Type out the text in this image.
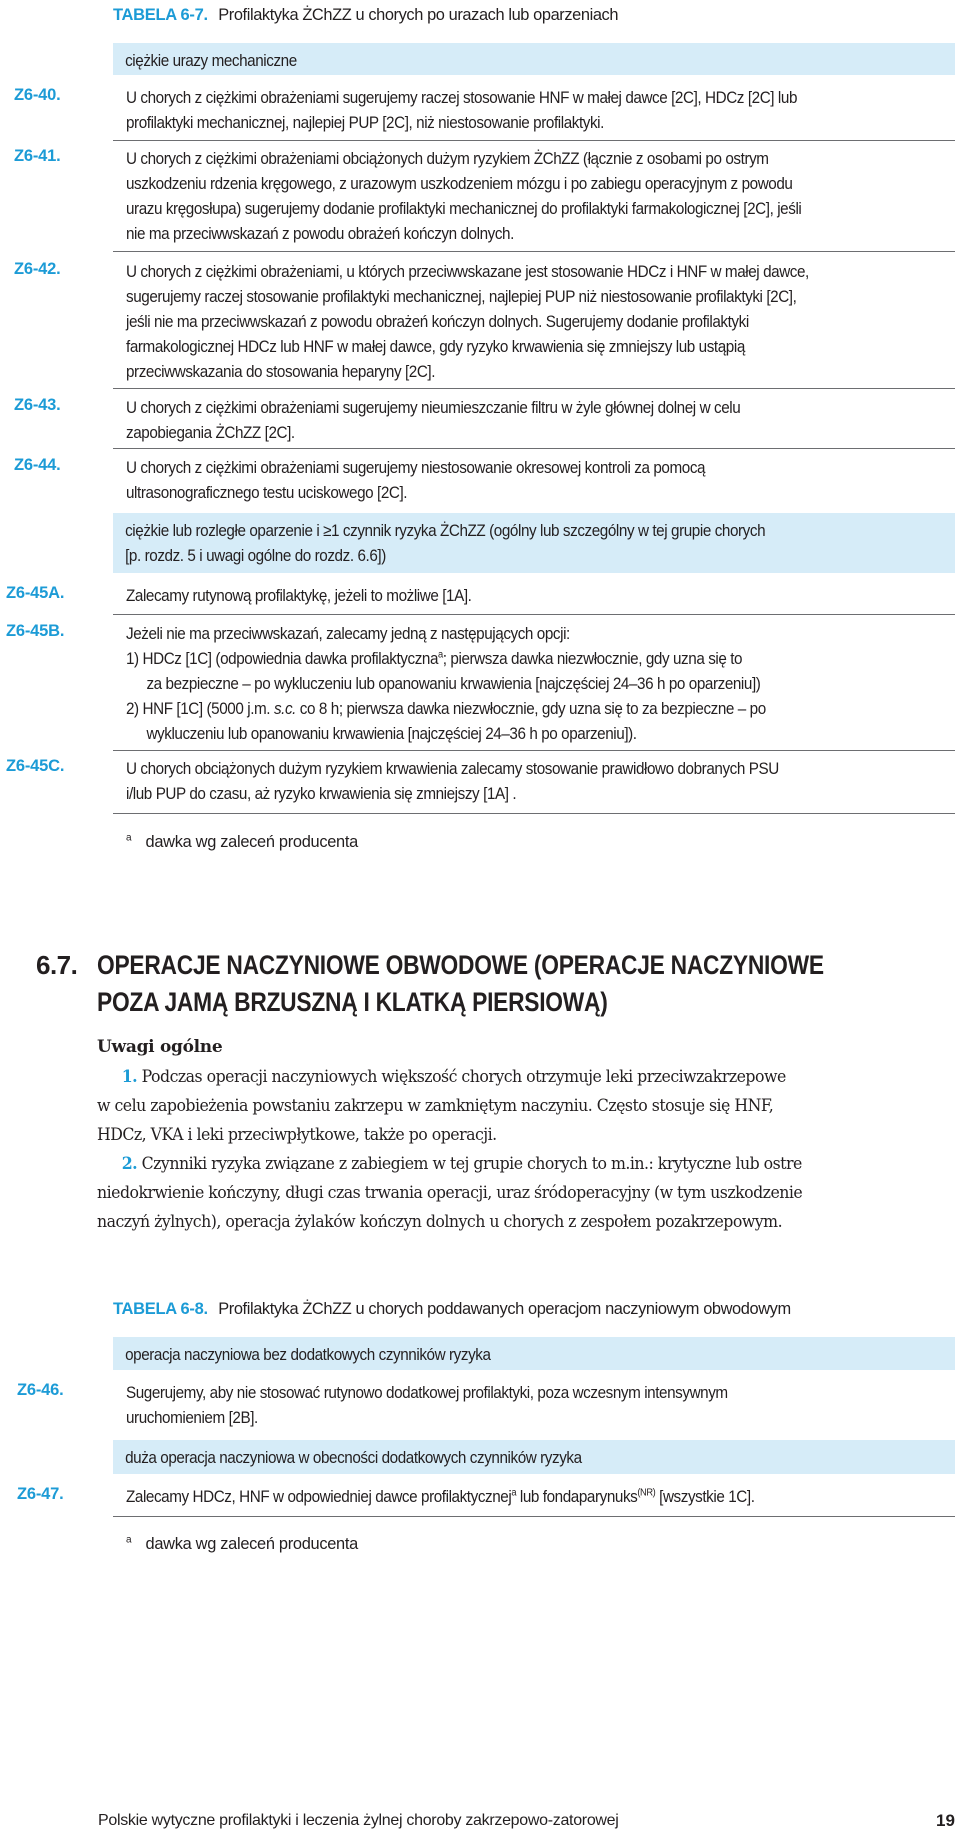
TABELA 6-7. Profilaktyka ŻChZZ u chorych po urazach lub oparzeniach
ciężkie urazy mechaniczne
Z6-40.	U chorych z ciężkimi obrażeniami sugerujemy raczej stosowanie HNF w małej dawce [2C], HDCz [2C] lub
profilaktyki mechanicznej, najlepiej PUP [2C], niż niestosowanie profilaktyki.
Z6-41.	U chorych z ciężkimi obrażeniami obciążonych dużym ryzykiem ŻChZZ (łącznie z osobami po ostrym
uszkodzeniu rdzenia kręgowego, z urazowym uszkodzeniem mózgu i po zabiegu operacyjnym z powodu
urazu kręgosłupa) sugerujemy dodanie profilaktyki mechanicznej do profilaktyki farmakologicznej [2C], jeśli
nie ma przeciwwskazań z powodu obrażeń kończyn dolnych.
Z6-42.	U chorych z ciężkimi obrażeniami, u których przeciwwskazane jest stosowanie HDCz i HNF w małej dawce,
sugerujemy raczej stosowanie profilaktyki mechanicznej, najlepiej PUP niż niestosowanie profilaktyki [2C],
jeśli nie ma przeciwwskazań z powodu obrażeń kończyn dolnych. Sugerujemy dodanie profilaktyki
farmakologicznej HDCz lub HNF w małej dawce, gdy ryzyko krwawienia się zmniejszy lub ustąpią
przeciwwskazania do stosowania heparyny [2C].
Z6-43.	U chorych z ciężkimi obrażeniami sugerujemy nieumieszczanie filtru w żyle głównej dolnej w celu
zapobiegania ŻChZZ [2C].
Z6-44.	U chorych z ciężkimi obrażeniami sugerujemy niestosowanie okresowej kontroli za pomocą
ultrasonograficznego testu uciskowego [2C].
ciężkie lub rozległe oparzenie i ≥1 czynnik ryzyka ŻChZZ (ogólny lub szczególny w tej grupie chorych
[p. rozdz. 5 i uwagi ogólne do rozdz. 6.6])
Z6-45A.	Zalecamy rutynową profilaktykę, jeżeli to możliwe [1A].
Z6-45B.	Jeżeli nie ma przeciwwskazań, zalecamy jedną z następujących opcji:
1) HDCz [1C] (odpowiednia dawka profilaktyczna$^a$; pierwsza dawka niezwłocznie, gdy uzna się to
za bezpieczne – po wykluczeniu lub opanowaniu krwawienia [najczęściej 24–36 h po oparzeniu])
2) HNF [1C] (5000 j.m. s.c. co 8 h; pierwsza dawka niezwłocznie, gdy uzna się to za bezpieczne – po
wykluczeniu lub opanowaniu krwawienia [najczęściej 24–36 h po oparzeniu]).
Z6-45C.	U chorych obciążonych dużym ryzykiem krwawienia zalecamy stosowanie prawidłowo dobranych PSU
i/lub PUP do czasu, aż ryzyko krwawienia się zmniejszy [1A] .
$^a$ dawka wg zaleceń producenta
6.7. OPERACJE NACZYNIOWE OBWODOWE (OPERACJE NACZYNIOWE
POZA JAMĄ BRZUSZNĄ I KLATKĄ PIERSIOWĄ)
Uwagi ogólne
1. Podczas operacji naczyniowych większość chorych otrzymuje leki przeciwzakrzepowe
w celu zapobieżenia powstaniu zakrzepu w zamkniętym naczyniu. Często stosuje się HNF,
HDCz, VKA i leki przeciwpłytkowe, także po operacji.
2. Czynniki ryzyka związane z zabiegiem w tej grupie chorych to m.in.: krytyczne lub ostre
niedokrwienie kończyny, długi czas trwania operacji, uraz śródoperacyjny (w tym uszkodzenie
naczyń żylnych), operacja żylaków kończyn dolnych u chorych z zespołem pozakrzepowym.
TABELA 6-8. Profilaktyka ŻChZZ u chorych poddawanych operacjom naczyniowym obwodowym
operacja naczyniowa bez dodatkowych czynników ryzyka
Z6-46.	Sugerujemy, aby nie stosować rutynowo dodatkowej profilaktyki, poza wczesnym intensywnym
uruchomieniem [2B].
duża operacja naczyniowa w obecności dodatkowych czynników ryzyka
Z6-47.	Zalecamy HDCz, HNF w odpowiedniej dawce profilaktycznej$^a$ lub fondaparynuks$^{(NR)}$ [wszystkie 1C].
$^a$ dawka wg zaleceń producenta
Polskie wytyczne profilaktyki i leczenia żylnej choroby zakrzepowo-zatorowej	19
